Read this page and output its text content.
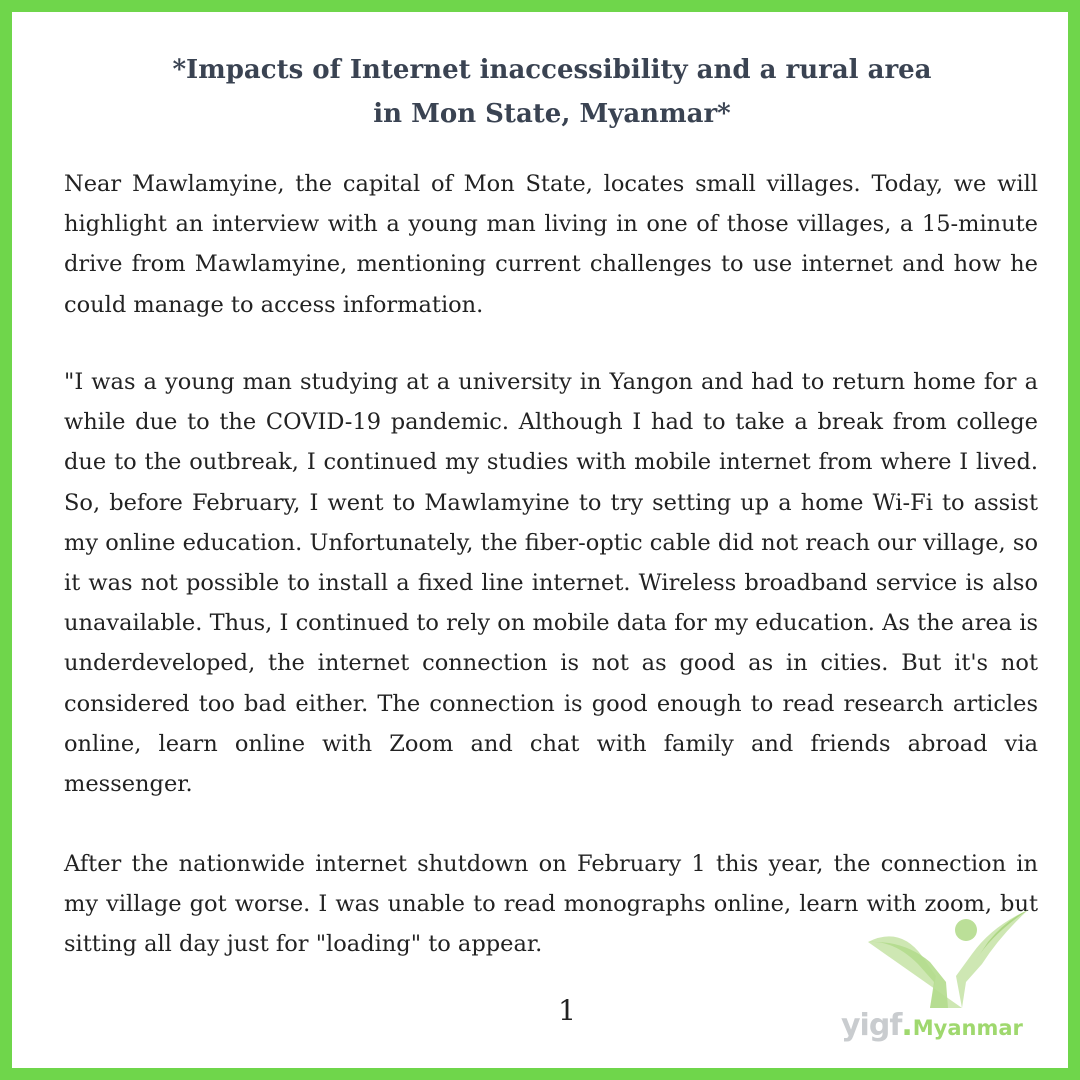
*Impacts of Internet inaccessibility and a rural area
in Mon State, Myanmar*

Near Mawlamyine, the capital of Mon State, locates small villages. Today, we will highlight an interview with a young man living in one of those villages, a 15-minute drive from Mawlamyine, mentioning current challenges to use internet and how he could manage to access information.

"I was a young man studying at a university in Yangon and had to return home for a while due to the COVID-19 pandemic. Although I had to take a break from college due to the outbreak, I continued my studies with mobile internet from where I lived. So, before February, I went to Mawlamyine to try setting up a home Wi-Fi to assist my online education. Unfortunately, the fiber-optic cable did not reach our village, so it was not possible to install a fixed line internet. Wireless broadband service is also unavailable. Thus, I continued to rely on mobile data for my education. As the area is underdeveloped, the internet connection is not as good as in cities. But it's not considered too bad either. The connection is good enough to read research articles online, learn online with Zoom and chat with family and friends abroad via messenger.

After the nationwide internet shutdown on February 1 this year, the connection in my village got worse. I was unable to read monographs online, learn with zoom, but sitting all day just for "loading" to appear.

1	yigf.Myanmar
